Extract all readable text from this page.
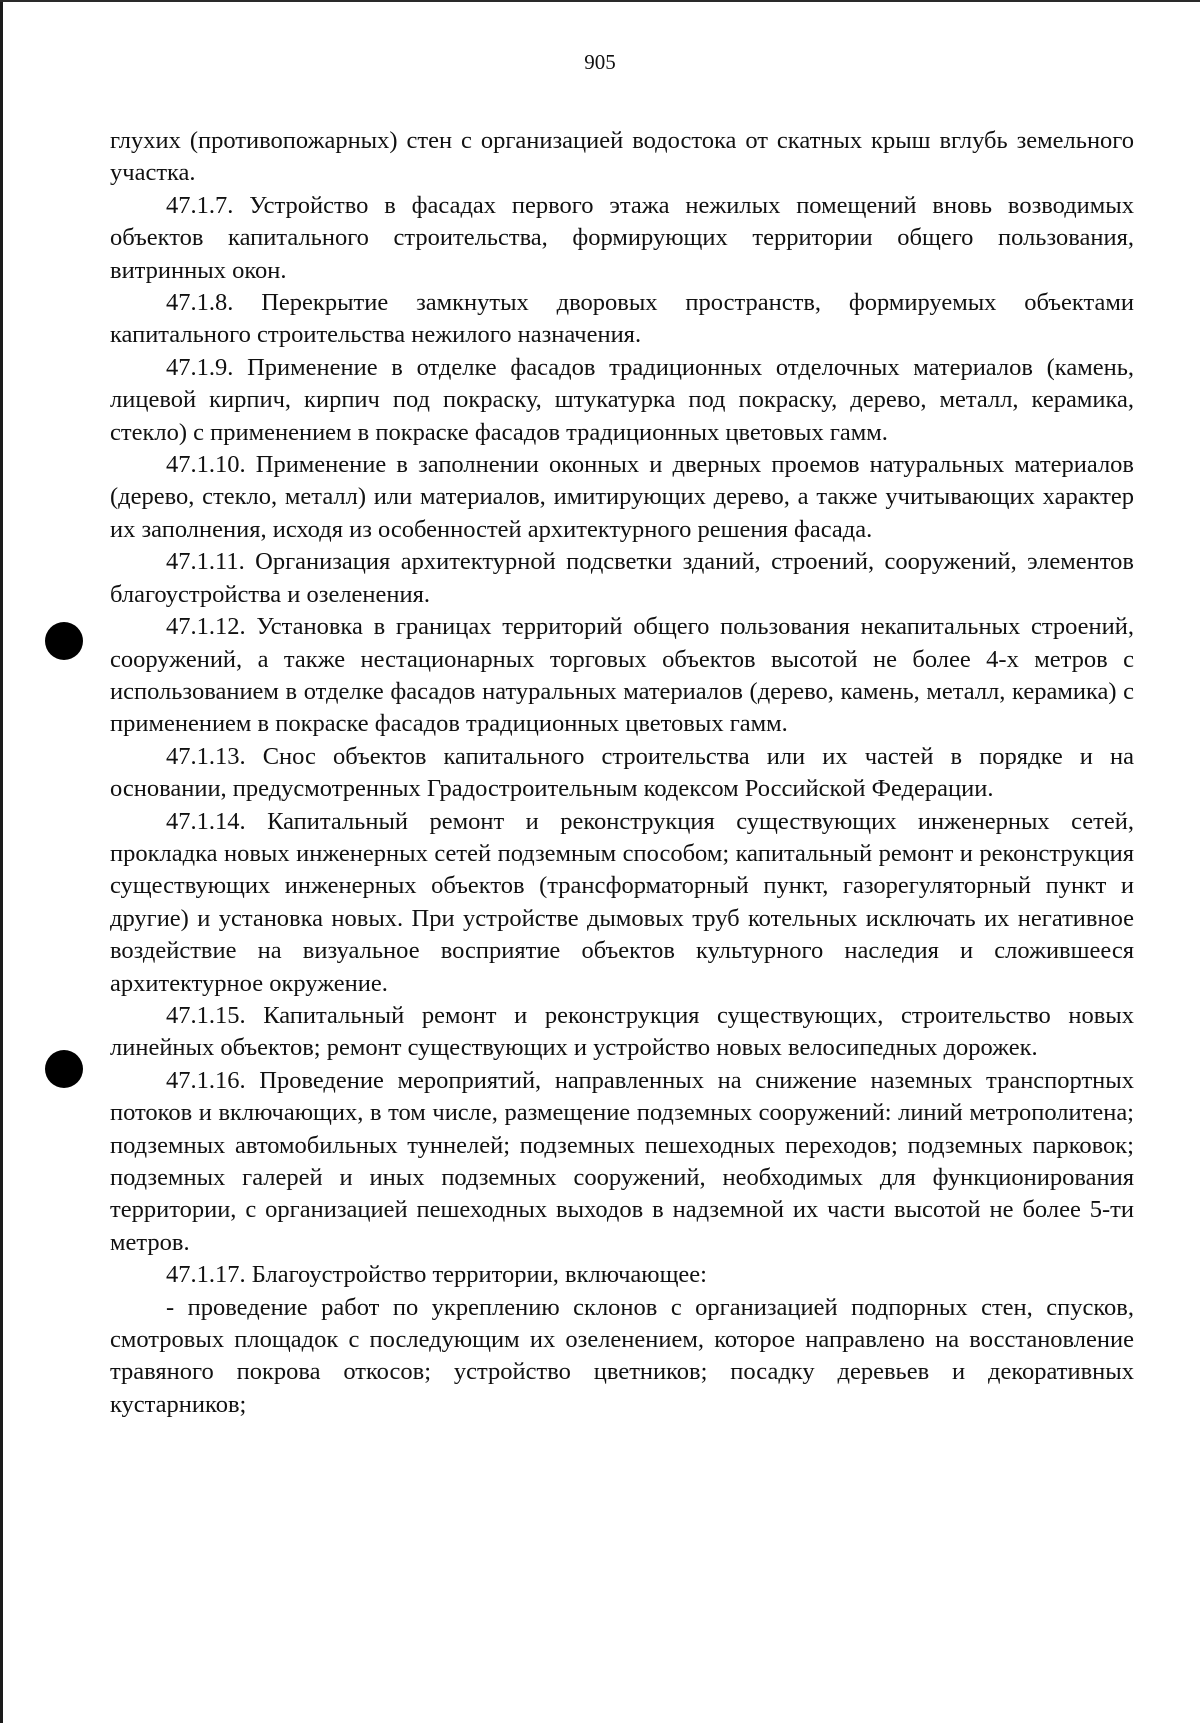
905

глухих (противопожарных) стен с организацией водостока от скатных крыш вглубь земельного участка.

47.1.7. Устройство в фасадах первого этажа нежилых помещений вновь возводимых объектов капитального строительства, формирующих территории общего пользования, витринных окон.

47.1.8. Перекрытие замкнутых дворовых пространств, формируемых объектами капитального строительства нежилого назначения.

47.1.9. Применение в отделке фасадов традиционных отделочных материалов (камень, лицевой кирпич, кирпич под покраску, штукатурка под покраску, дерево, металл, керамика, стекло) с применением в покраске фасадов традиционных цветовых гамм.

47.1.10. Применение в заполнении оконных и дверных проемов натуральных материалов (дерево, стекло, металл) или материалов, имитирующих дерево, а также учитывающих характер их заполнения, исходя из особенностей архитектурного решения фасада.

47.1.11. Организация архитектурной подсветки зданий, строений, сооружений, элементов благоустройства и озеленения.

47.1.12. Установка в границах территорий общего пользования некапитальных строений, сооружений, а также нестационарных торговых объектов высотой не более 4-х метров с использованием в отделке фасадов натуральных материалов (дерево, камень, металл, керамика) с применением в покраске фасадов традиционных цветовых гамм.

47.1.13. Снос объектов капитального строительства или их частей в порядке и на основании, предусмотренных Градостроительным кодексом Российской Федерации.

47.1.14. Капитальный ремонт и реконструкция существующих инженерных сетей, прокладка новых инженерных сетей подземным способом; капитальный ремонт и реконструкция существующих инженерных объектов (трансформаторный пункт, газорегуляторный пункт и другие) и установка новых. При устройстве дымовых труб котельных исключать их негативное воздействие на визуальное восприятие объектов культурного наследия и сложившееся архитектурное окружение.

47.1.15. Капитальный ремонт и реконструкция существующих, строительство новых линейных объектов; ремонт существующих и устройство новых велосипедных дорожек.

47.1.16. Проведение мероприятий, направленных на снижение наземных транспортных потоков и включающих, в том числе, размещение подземных сооружений: линий метрополитена; подземных автомобильных туннелей; подземных пешеходных переходов; подземных парковок; подземных галерей и иных подземных сооружений, необходимых для функционирования территории, с организацией пешеходных выходов в надземной их части высотой не более 5-ти метров.

47.1.17. Благоустройство территории, включающее:

- проведение работ по укреплению склонов с организацией подпорных стен, спусков, смотровых площадок с последующим их озеленением, которое направлено на восстановление травяного покрова откосов; устройство цветников; посадку деревьев и декоративных кустарников;
